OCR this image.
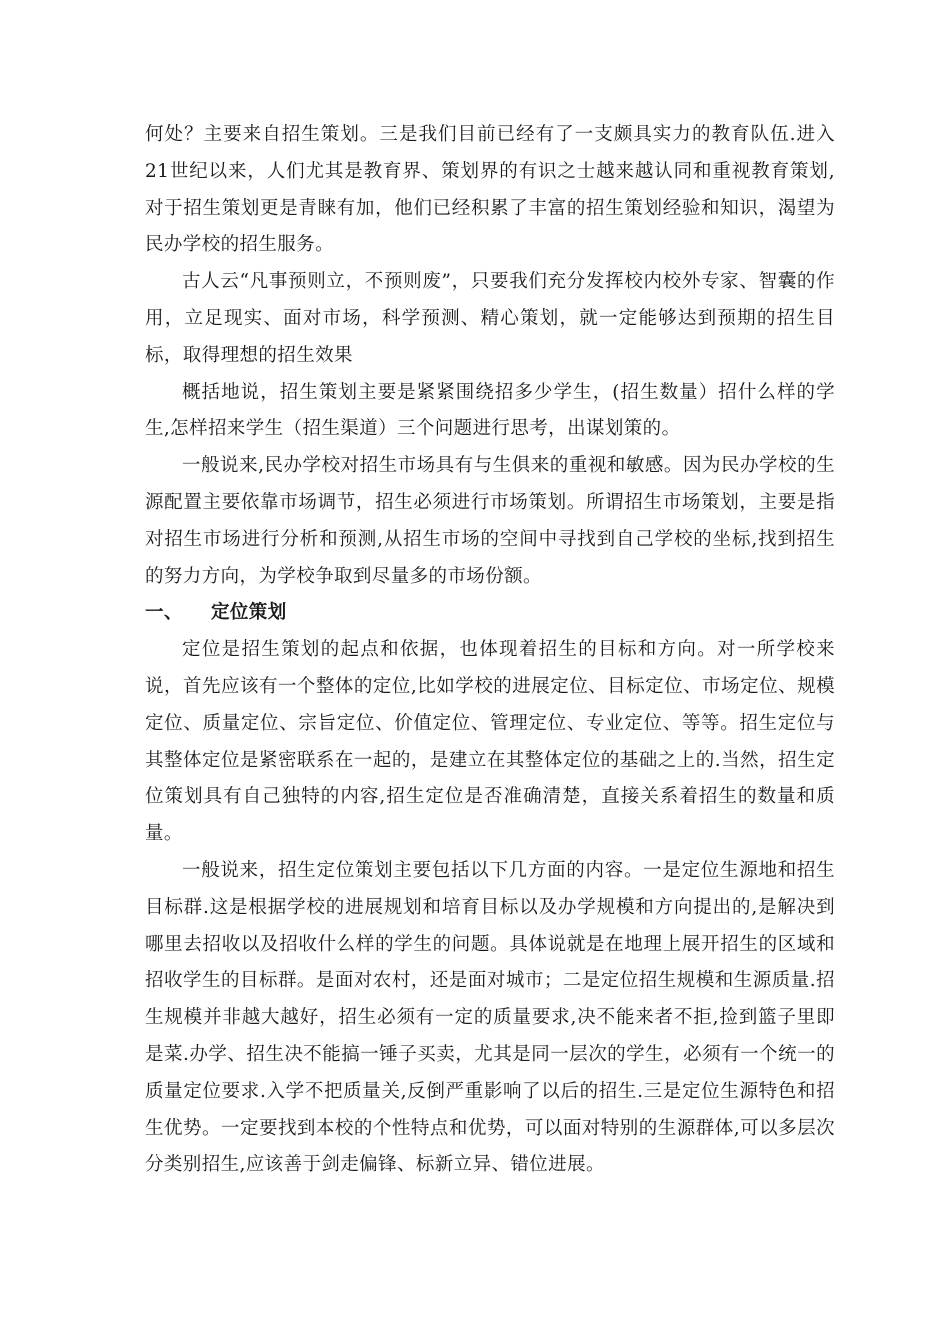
何处？主要来自招生策划。三是我们目前已经有了一支颇具实力的教育队伍.进入21世纪以来，人们尤其是教育界、策划界的有识之士越来越认同和重视教育策划,对于招生策划更是青睐有加，他们已经积累了丰富的招生策划经验和知识，渴望为民办学校的招生服务。

古人云“凡事预则立，不预则废”，只要我们充分发挥校内校外专家、智囊的作用，立足现实、面对市场，科学预测、精心策划，就一定能够达到预期的招生目标，取得理想的招生效果

概括地说，招生策划主要是紧紧围绕招多少学生，(招生数量）招什么样的学生,怎样招来学生（招生渠道）三个问题进行思考，出谋划策的。

一般说来,民办学校对招生市场具有与生俱来的重视和敏感。因为民办学校的生源配置主要依靠市场调节，招生必须进行市场策划。所谓招生市场策划，主要是指对招生市场进行分析和预测,从招生市场的空间中寻找到自己学校的坐标,找到招生的努力方向，为学校争取到尽量多的市场份额。

一、	定位策划

定位是招生策划的起点和依据，也体现着招生的目标和方向。对一所学校来说，首先应该有一个整体的定位,比如学校的进展定位、目标定位、市场定位、规模定位、质量定位、宗旨定位、价值定位、管理定位、专业定位、等等。招生定位与其整体定位是紧密联系在一起的，是建立在其整体定位的基础之上的.当然，招生定位策划具有自己独特的内容,招生定位是否准确清楚，直接关系着招生的数量和质量。

一般说来，招生定位策划主要包括以下几方面的内容。一是定位生源地和招生目标群.这是根据学校的进展规划和培育目标以及办学规模和方向提出的,是解决到哪里去招收以及招收什么样的学生的问题。具体说就是在地理上展开招生的区域和招收学生的目标群。是面对农村，还是面对城市；二是定位招生规模和生源质量.招生规模并非越大越好，招生必须有一定的质量要求,决不能来者不拒,捡到篮子里即是菜.办学、招生决不能搞一锤子买卖，尤其是同一层次的学生，必须有一个统一的质量定位要求.入学不把质量关,反倒严重影响了以后的招生.三是定位生源特色和招生优势。一定要找到本校的个性特点和优势，可以面对特别的生源群体,可以多层次分类别招生,应该善于剑走偏锋、标新立异、错位进展。
